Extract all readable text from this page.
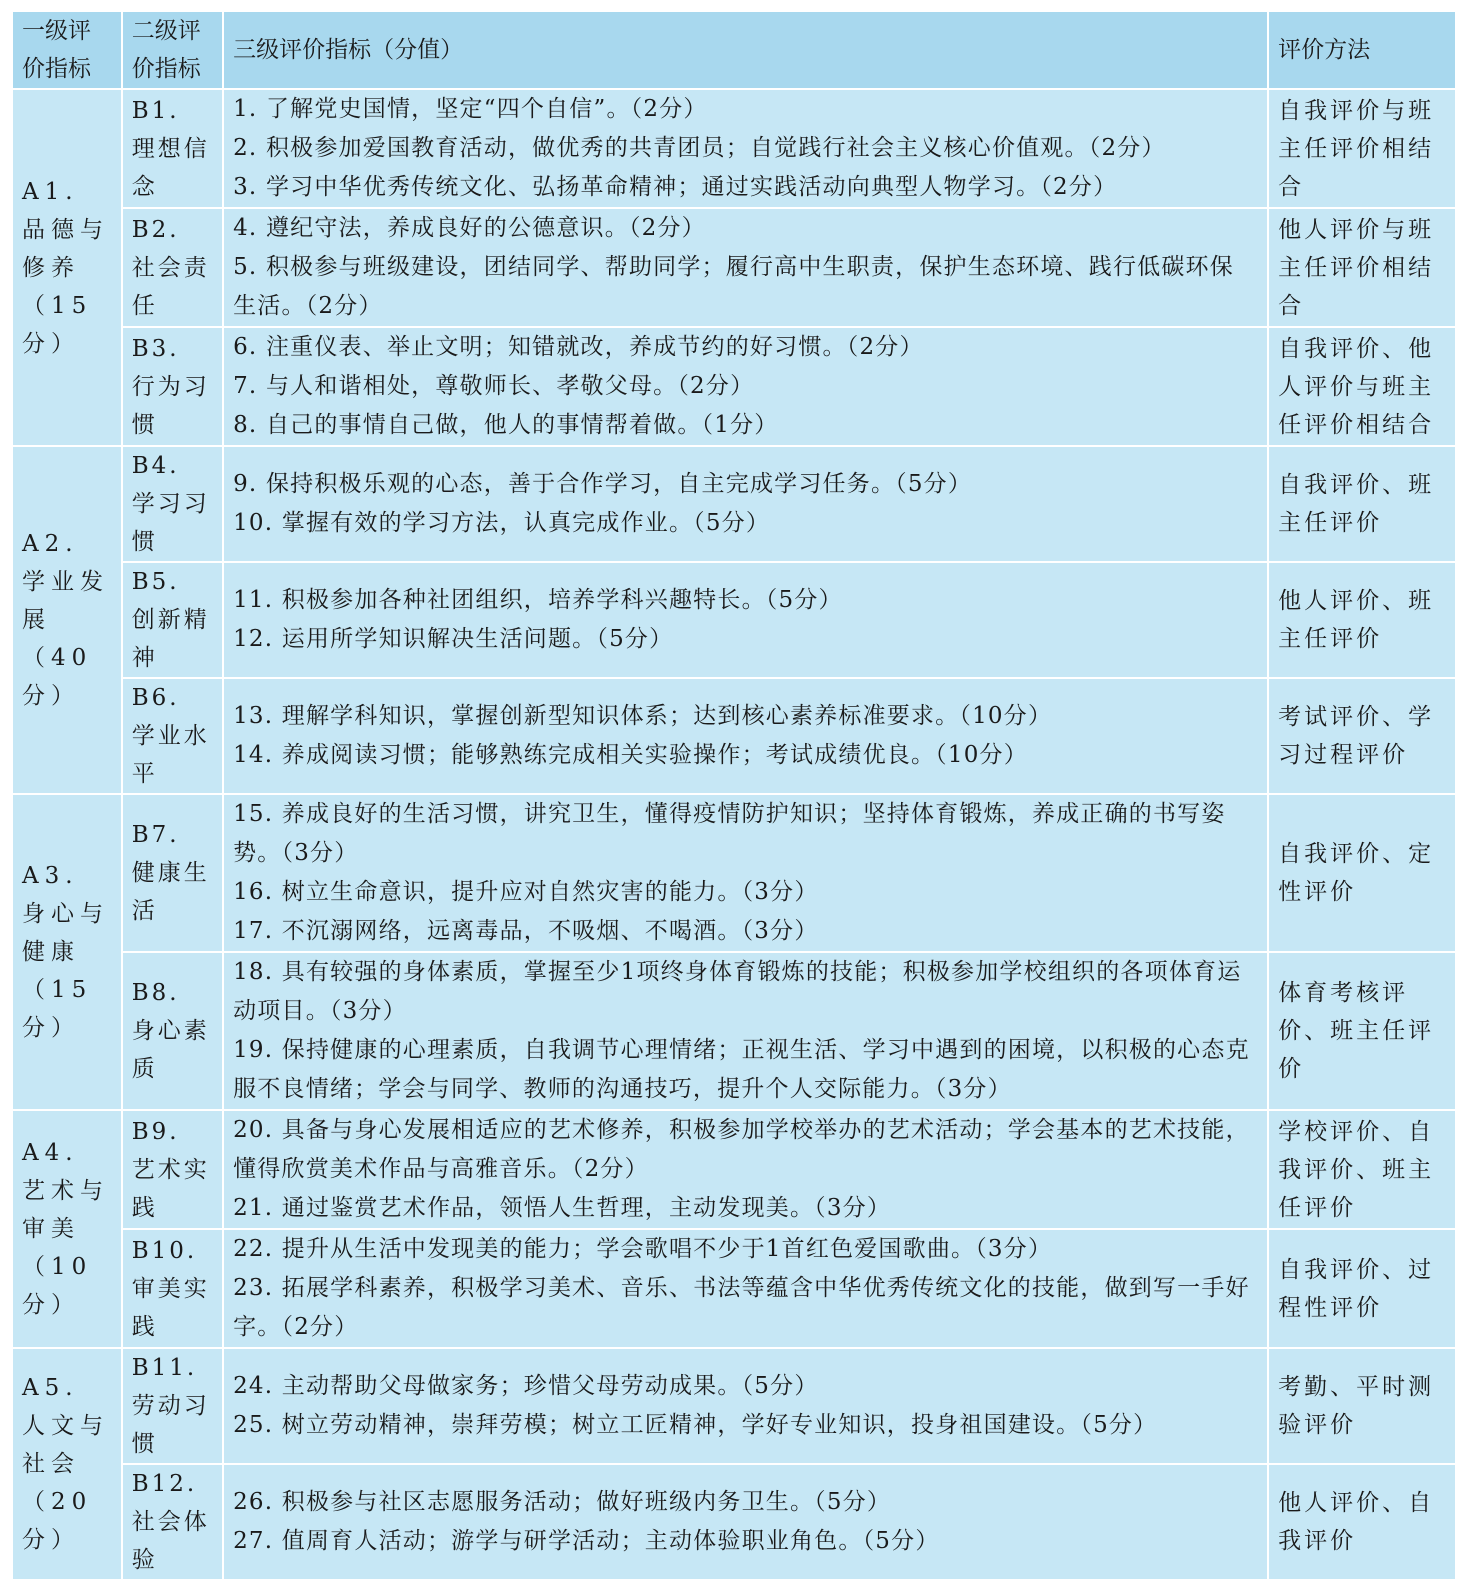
一级评价指标	二级评价指标	三级评价指标（分值）	评价方法
A1. 品德与修养（15分）	B1. 理想信念	1. 了解党史国情，坚定“四个自信”。（2分）
2. 积极参加爱国教育活动，做优秀的共青团员；自觉践行社会主义核心价值观。（2分）
3. 学习中华优秀传统文化、弘扬革命精神；通过实践活动向典型人物学习。（2分）	自我评价与班主任评价相结合
	B2. 社会责任	4. 遵纪守法，养成良好的公德意识。（2分）
5. 积极参与班级建设，团结同学、帮助同学；履行高中生职责，保护生态环境、践行低碳环保生活。（2分）	他人评价与班主任评价相结合
	B3. 行为习惯	6. 注重仪表、举止文明；知错就改，养成节约的好习惯。（2分）
7. 与人和谐相处，尊敬师长、孝敬父母。（2分）
8. 自己的事情自己做，他人的事情帮着做。（1分）	自我评价、他人评价与班主任评价相结合
A2. 学业发展（40分）	B4. 学习习惯	9. 保持积极乐观的心态，善于合作学习，自主完成学习任务。（5分）
10. 掌握有效的学习方法，认真完成作业。（5分）	自我评价、班主任评价
	B5. 创新精神	11. 积极参加各种社团组织，培养学科兴趣特长。（5分）
12. 运用所学知识解决生活问题。（5分）	他人评价、班主任评价
	B6. 学业水平	13. 理解学科知识，掌握创新型知识体系；达到核心素养标准要求。（10分）
14. 养成阅读习惯；能够熟练完成相关实验操作；考试成绩优良。（10分）	考试评价、学习过程评价
A3. 身心与健康（15分）	B7. 健康生活	15. 养成良好的生活习惯，讲究卫生，懂得疫情防护知识；坚持体育锻炼，养成正确的书写姿势。（3分）
16. 树立生命意识，提升应对自然灾害的能力。（3分）
17. 不沉溺网络，远离毒品，不吸烟、不喝酒。（3分）	自我评价、定性评价
	B8. 身心素质	18. 具有较强的身体素质，掌握至少1项终身体育锻炼的技能；积极参加学校组织的各项体育运动项目。（3分）
19. 保持健康的心理素质，自我调节心理情绪；正视生活、学习中遇到的困境，以积极的心态克服不良情绪；学会与同学、教师的沟通技巧，提升个人交际能力。（3分）	体育考核评价、班主任评价
A4. 艺术与审美（10分）	B9. 艺术实践	20. 具备与身心发展相适应的艺术修养，积极参加学校举办的艺术活动；学会基本的艺术技能，懂得欣赏美术作品与高雅音乐。（2分）
21. 通过鉴赏艺术作品，领悟人生哲理，主动发现美。（3分）	学校评价、自我评价、班主任评价
	B10. 审美实践	22. 提升从生活中发现美的能力；学会歌唱不少于1首红色爱国歌曲。（3分）
23. 拓展学科素养，积极学习美术、音乐、书法等蕴含中华优秀传统文化的技能，做到写一手好字。（2分）	自我评价、过程性评价
A5. 人文与社会（20分）	B11. 劳动习惯	24. 主动帮助父母做家务；珍惜父母劳动成果。（5分）
25. 树立劳动精神，崇拜劳模；树立工匠精神，学好专业知识，投身祖国建设。（5分）	考勤、平时测验评价
	B12. 社会体验	26. 积极参与社区志愿服务活动；做好班级内务卫生。（5分）
27. 值周育人活动；游学与研学活动；主动体验职业角色。（5分）	他人评价、自我评价
